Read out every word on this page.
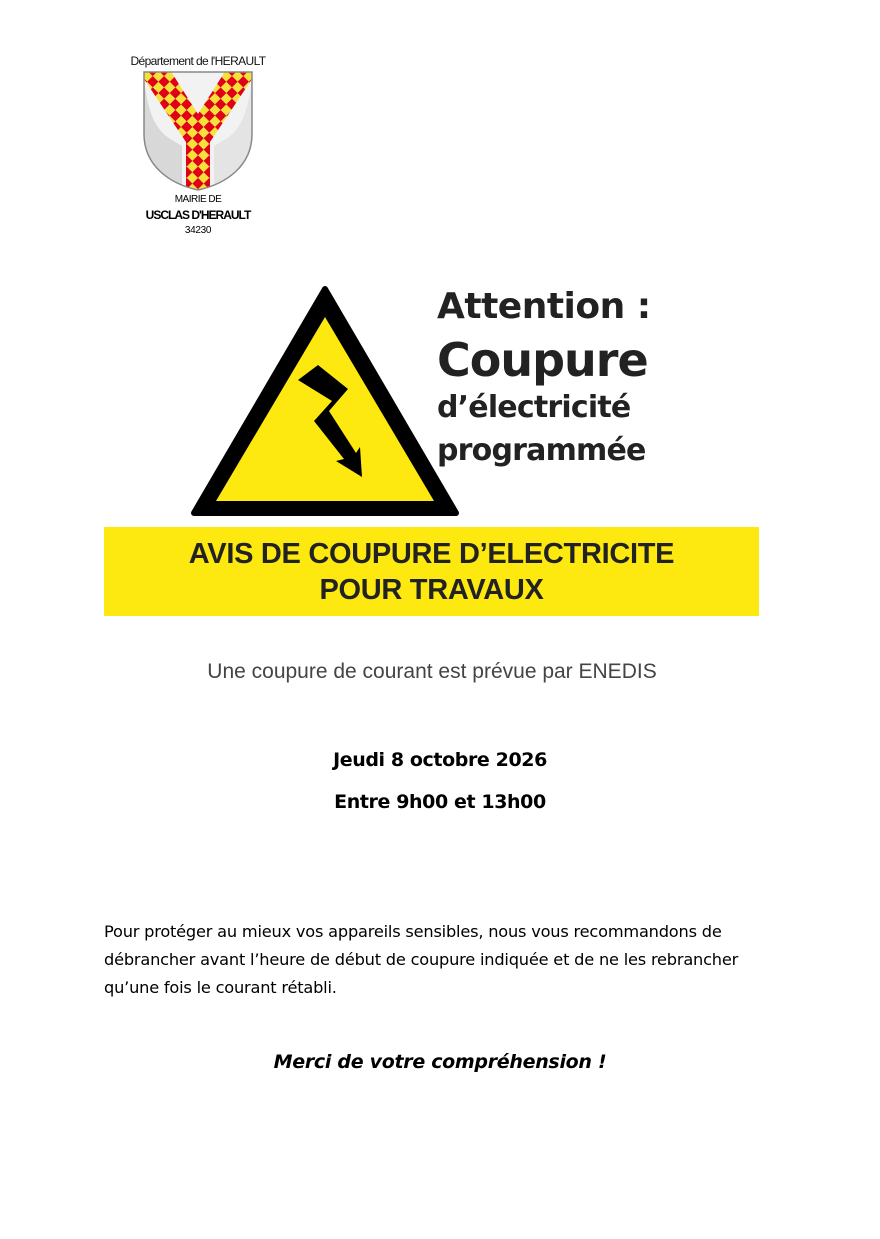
Département de l'HERAULT
MAIRIE DE
USCLAS D'HERAULT
34230
Attention :
Coupure
d’électricité
programmée
AVIS DE COUPURE D’ELECTRICITE
POUR TRAVAUX
Une coupure de courant est prévue par ENEDIS
Jeudi 8 octobre 2026
Entre 9h00 et 13h00
Pour protéger au mieux vos appareils sensibles, nous vous recommandons de débrancher avant l’heure de début de coupure indiquée et de ne les rebrancher qu’une fois le courant rétabli.
Merci de votre compréhension !
